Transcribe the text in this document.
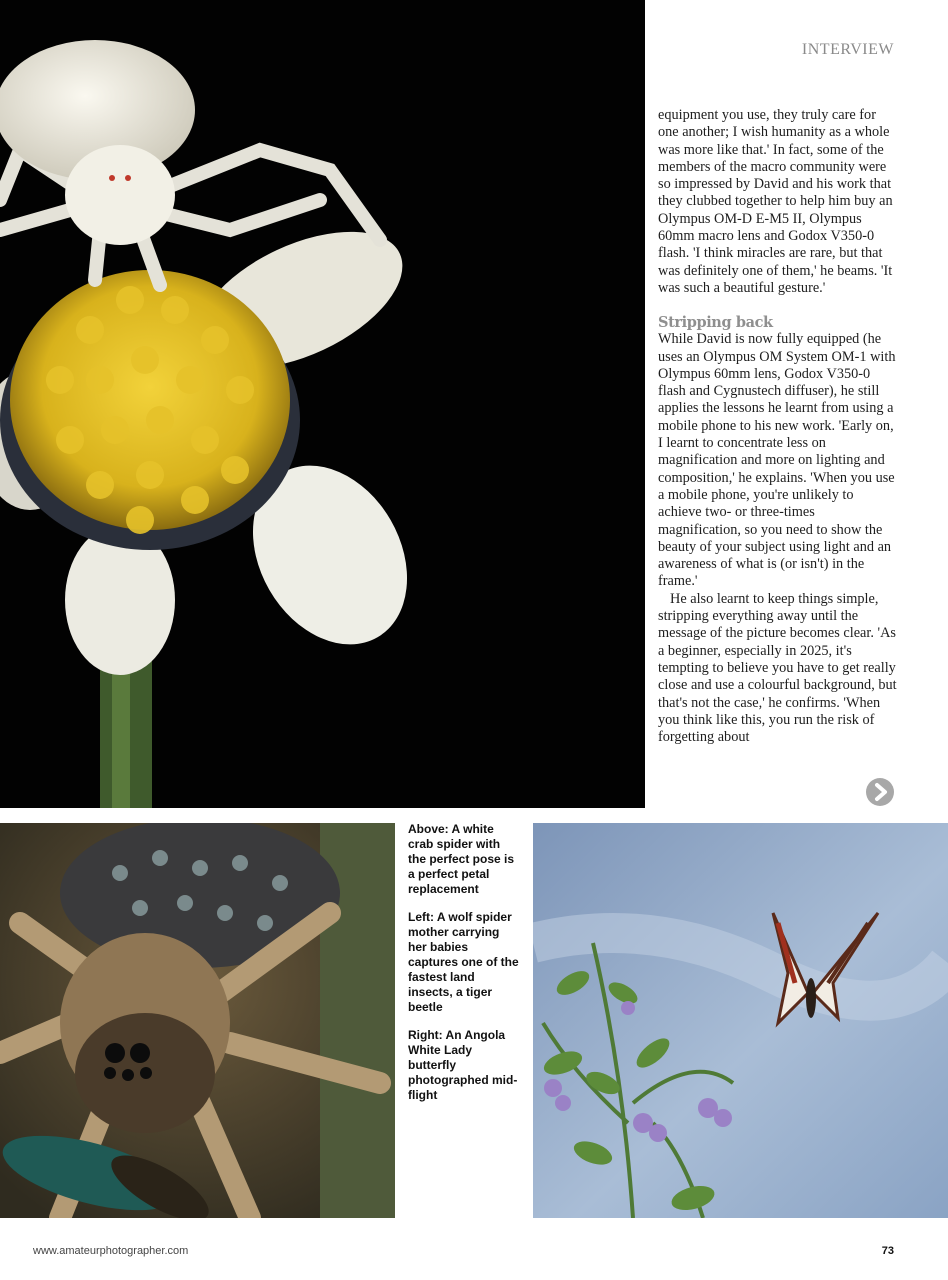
INTERVIEW

equipment you use, they truly care for one another; I wish humanity as a whole was more like that.' In fact, some of the members of the macro community were so impressed by David and his work that they clubbed together to help him buy an Olympus OM-D E-M5 II, Olympus 60mm macro lens and Godox V350-0 flash. 'I think miracles are rare, but that was definitely one of them,' he beams. 'It was such a beautiful gesture.'

Stripping back

While David is now fully equipped (he uses an Olympus OM System OM-1 with Olympus 60mm lens, Godox V350-0 flash and Cygnustech diffuser), he still applies the lessons he learnt from using a mobile phone to his new work. 'Early on, I learnt to concentrate less on magnification and more on lighting and composition,' he explains. 'When you use a mobile phone, you're unlikely to achieve two- or three-times magnification, so you need to show the beauty of your subject using light and an awareness of what is (or isn't) in the frame.'

He also learnt to keep things simple, stripping everything away until the message of the picture becomes clear. 'As a beginner, especially in 2025, it's tempting to believe you have to get really close and use a colourful background, but that's not the case,' he confirms. 'When you think like this, you run the risk of forgetting about

Above: A white crab spider with the perfect pose is a perfect petal replacement

Left: A wolf spider mother carrying her babies captures one of the fastest land insects, a tiger beetle

Right: An Angola White Lady butterfly photographed mid-flight

www.amateurphotographer.com	73
